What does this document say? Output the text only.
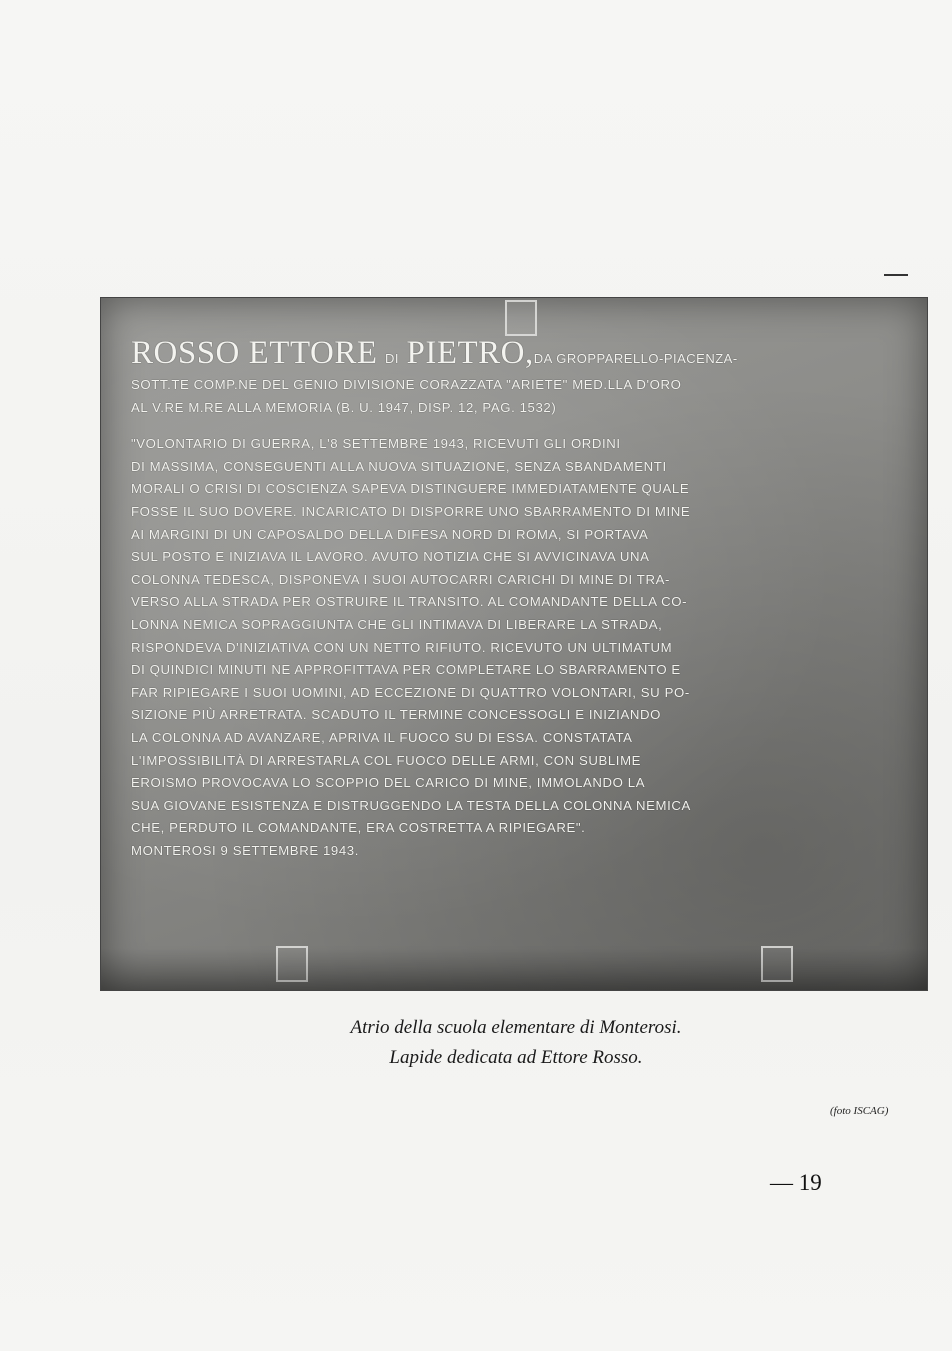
ROSSO ETTORE DI PIETRO,DA GROPPARELLO-PIACENZA-
SOTT.TE COMP.NE DEL GENIO DIVISIONE CORAZZATA "ARIETE" MED.LLA D'ORO
AL V.RE M.RE ALLA MEMORIA (B. U. 1947, DISP. 12, PAG. 1532)
"VOLONTARIO DI GUERRA, L'8 SETTEMBRE 1943, RICEVUTI GLI ORDINI
DI MASSIMA, CONSEGUENTI ALLA NUOVA SITUAZIONE, SENZA SBANDAMENTI
MORALI O CRISI DI COSCIENZA SAPEVA DISTINGUERE IMMEDIATAMENTE QUALE
FOSSE IL SUO DOVERE. INCARICATO DI DISPORRE UNO SBARRAMENTO DI MINE
AI MARGINI DI UN CAPOSALDO DELLA DIFESA NORD DI ROMA, SI PORTAVA
SUL POSTO E INIZIAVA IL LAVORO. AVUTO NOTIZIA CHE SI AVVICINAVA UNA
COLONNA TEDESCA, DISPONEVA I SUOI AUTOCARRI CARICHI DI MINE DI TRA-
VERSO ALLA STRADA PER OSTRUIRE IL TRANSITO. AL COMANDANTE DELLA CO-
LONNA NEMICA SOPRAGGIUNTA CHE GLI INTIMAVA DI LIBERARE LA STRADA,
RISPONDEVA D'INIZIATIVA CON UN NETTO RIFIUTO. RICEVUTO UN ULTIMATUM
DI QUINDICI MINUTI NE APPROFITTAVA PER COMPLETARE LO SBARRAMENTO E
FAR RIPIEGARE I SUOI UOMINI, AD ECCEZIONE DI QUATTRO VOLONTARI, SU PO-
SIZIONE PIÙ ARRETRATA. SCADUTO IL TERMINE CONCESSOGLI E INIZIANDO
LA COLONNA AD AVANZARE, APRIVA IL FUOCO SU DI ESSA. CONSTATATA
L'IMPOSSIBILITÀ DI ARRESTARLA COL FUOCO DELLE ARMI, CON SUBLIME
EROISMO PROVOCAVA LO SCOPPIO DEL CARICO DI MINE, IMMOLANDO LA
SUA GIOVANE ESISTENZA E DISTRUGGENDO LA TESTA DELLA COLONNA NEMICA
CHE, PERDUTO IL COMANDANTE, ERA COSTRETTA A RIPIEGARE".
MONTEROSI 9 SETTEMBRE 1943.
Atrio della scuola elementare di Monterosi.
Lapide dedicata ad Ettore Rosso.
(foto ISCAG)
— 19
